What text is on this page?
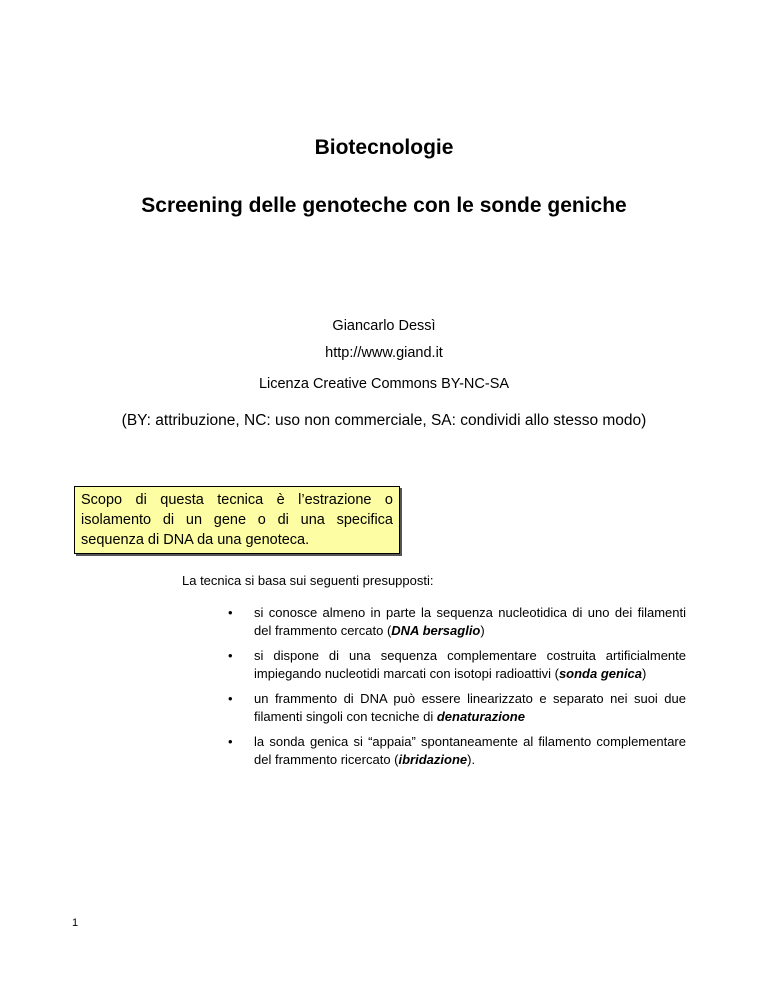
Biotecnologie
Screening delle genoteche con le sonde geniche
Giancarlo Dessì
http://www.giand.it
Licenza Creative Commons BY-NC-SA
(BY: attribuzione, NC: uso non commerciale, SA: condividi allo stesso modo)
Scopo di questa tecnica è l’estrazione o isolamento di un gene o di una specifica sequenza di DNA da una genoteca.
La tecnica si basa sui seguenti presupposti:
• si conosce almeno in parte la sequenza nucleotidica di uno dei filamenti del frammento cercato (DNA bersaglio)
• si dispone di una sequenza complementare costruita artificialmente impiegando nucleotidi marcati con isotopi radioattivi (sonda genica)
• un frammento di DNA può essere linearizzato e separato nei suoi due filamenti singoli con tecniche di denaturazione
• la sonda genica si “appaia” spontaneamente al filamento complementare del frammento ricercato (ibridazione).
1
